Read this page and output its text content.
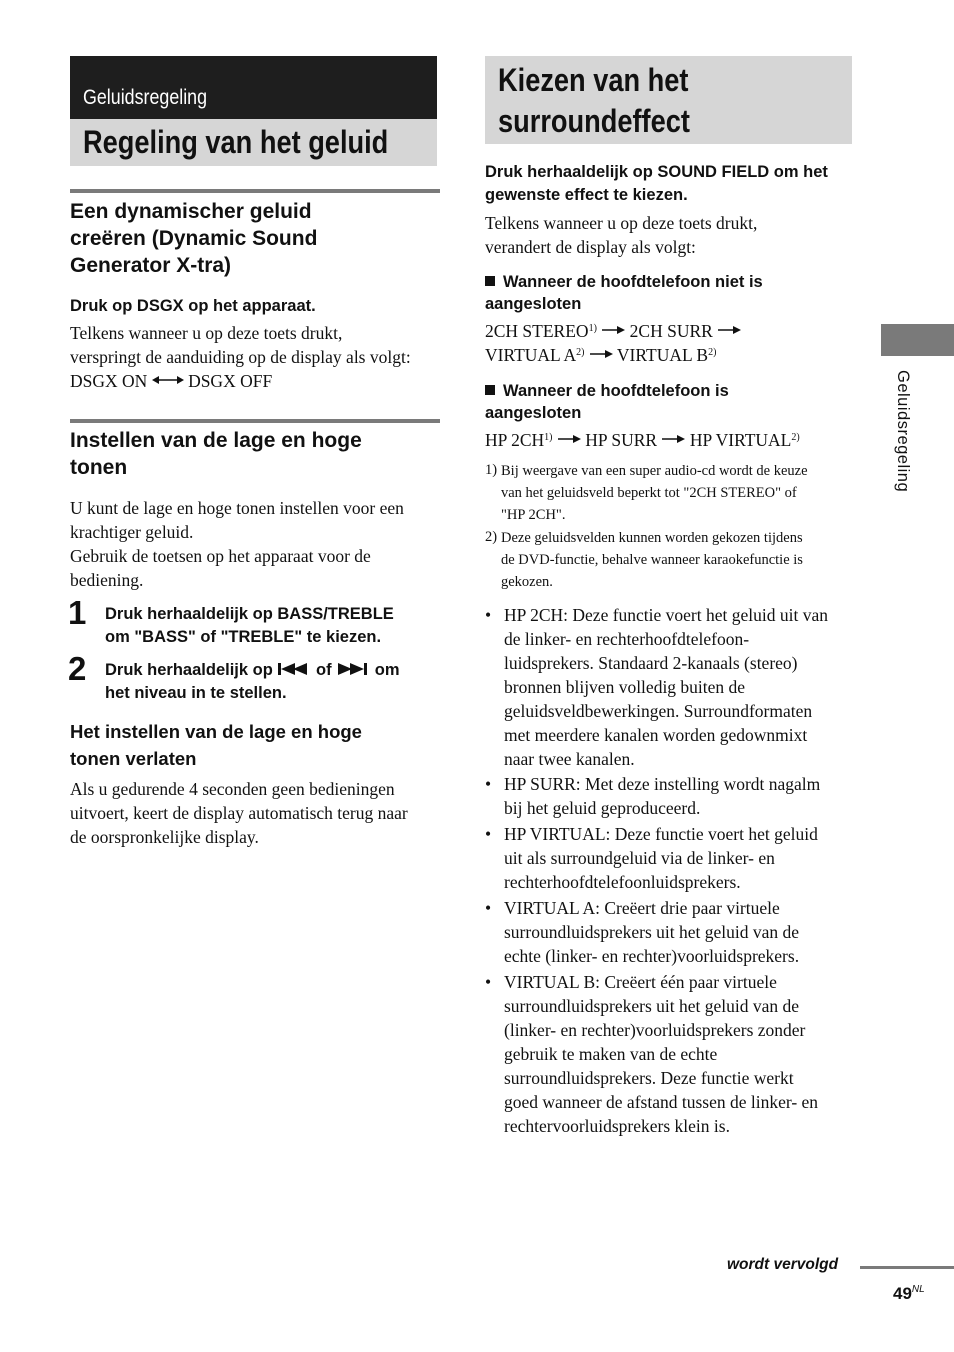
Geluidsregeling
Regeling van het geluid
Een dynamischer geluid
creëren (Dynamic Sound
Generator X-tra)
Druk op DSGX op het apparaat.
Telkens wanneer u op deze toets drukt,
verspringt de aanduiding op de display als volgt:
DSGX ON DSGX OFF
Instellen van de lage en hoge
tonen
U kunt de lage en hoge tonen instellen voor een
krachtiger geluid.
Gebruik de toetsen op het apparaat voor de
bediening.
1 Druk herhaaldelijk op BASS/TREBLE
om "BASS" of "TREBLE" te kiezen.
2 Druk herhaaldelijk op	of	om
het niveau in te stellen.
Het instellen van de lage en hoge
tonen verlaten
Als u gedurende 4 seconden geen bedieningen
uitvoert, keert de display automatisch terug naar
de oorspronkelijke display.
Kiezen van het
surroundeffect
Druk herhaaldelijk op SOUND FIELD om het
gewenste effect te kiezen.
Telkens wanneer u op deze toets drukt,
verandert de display als volgt:
Wanneer de hoofdtelefoon niet is
aangesloten
2CH STEREO$^{1)}$ 2CH SURR
VIRTUAL $A^{2)}$ VIRTUAL $B^{2)}$
Wanneer de hoofdtelefoon is
aangesloten
HP 2CH$^{1)}$ HP SURR HP VIRTUAL$^{2)}$
1) Bij weergave van een super audio-cd wordt de keuze
van het geluidsveld beperkt tot "2CH STEREO" of
"HP 2CH".
2) Deze geluidsvelden kunnen worden gekozen tijdens
de DVD-functie, behalve wanneer karaokefunctie is
gekozen.
• HP 2CH: Deze functie voert het geluid uit van
de linker- en rechterhoofdtelefoon-
luidsprekers. Standaard 2-kanaals (stereo)
bronnen blijven volledig buiten de
geluidsveldbewerkingen. Surroundformaten
met meerdere kanalen worden gedownmixt
naar twee kanalen.
• HP SURR: Met deze instelling wordt nagalm
bij het geluid geproduceerd.
• HP VIRTUAL: Deze functie voert het geluid
uit als surroundgeluid via de linker- en
rechterhoofdtelefoonluidsprekers.
• VIRTUAL A: Creëert drie paar virtuele
surroundluidsprekers uit het geluid van de
echte (linker- en rechter)voorluidsprekers.
• VIRTUAL B: Creëert één paar virtuele
surroundluidsprekers uit het geluid van de
(linker- en rechter)voorluidsprekers zonder
gebruik te maken van de echte
surroundluidsprekers. Deze functie werkt
goed wanneer de afstand tussen de linker- en
rechtervoorluidsprekers klein is.
Geluidsregeling
wordt vervolgd
$49^{NL}$
